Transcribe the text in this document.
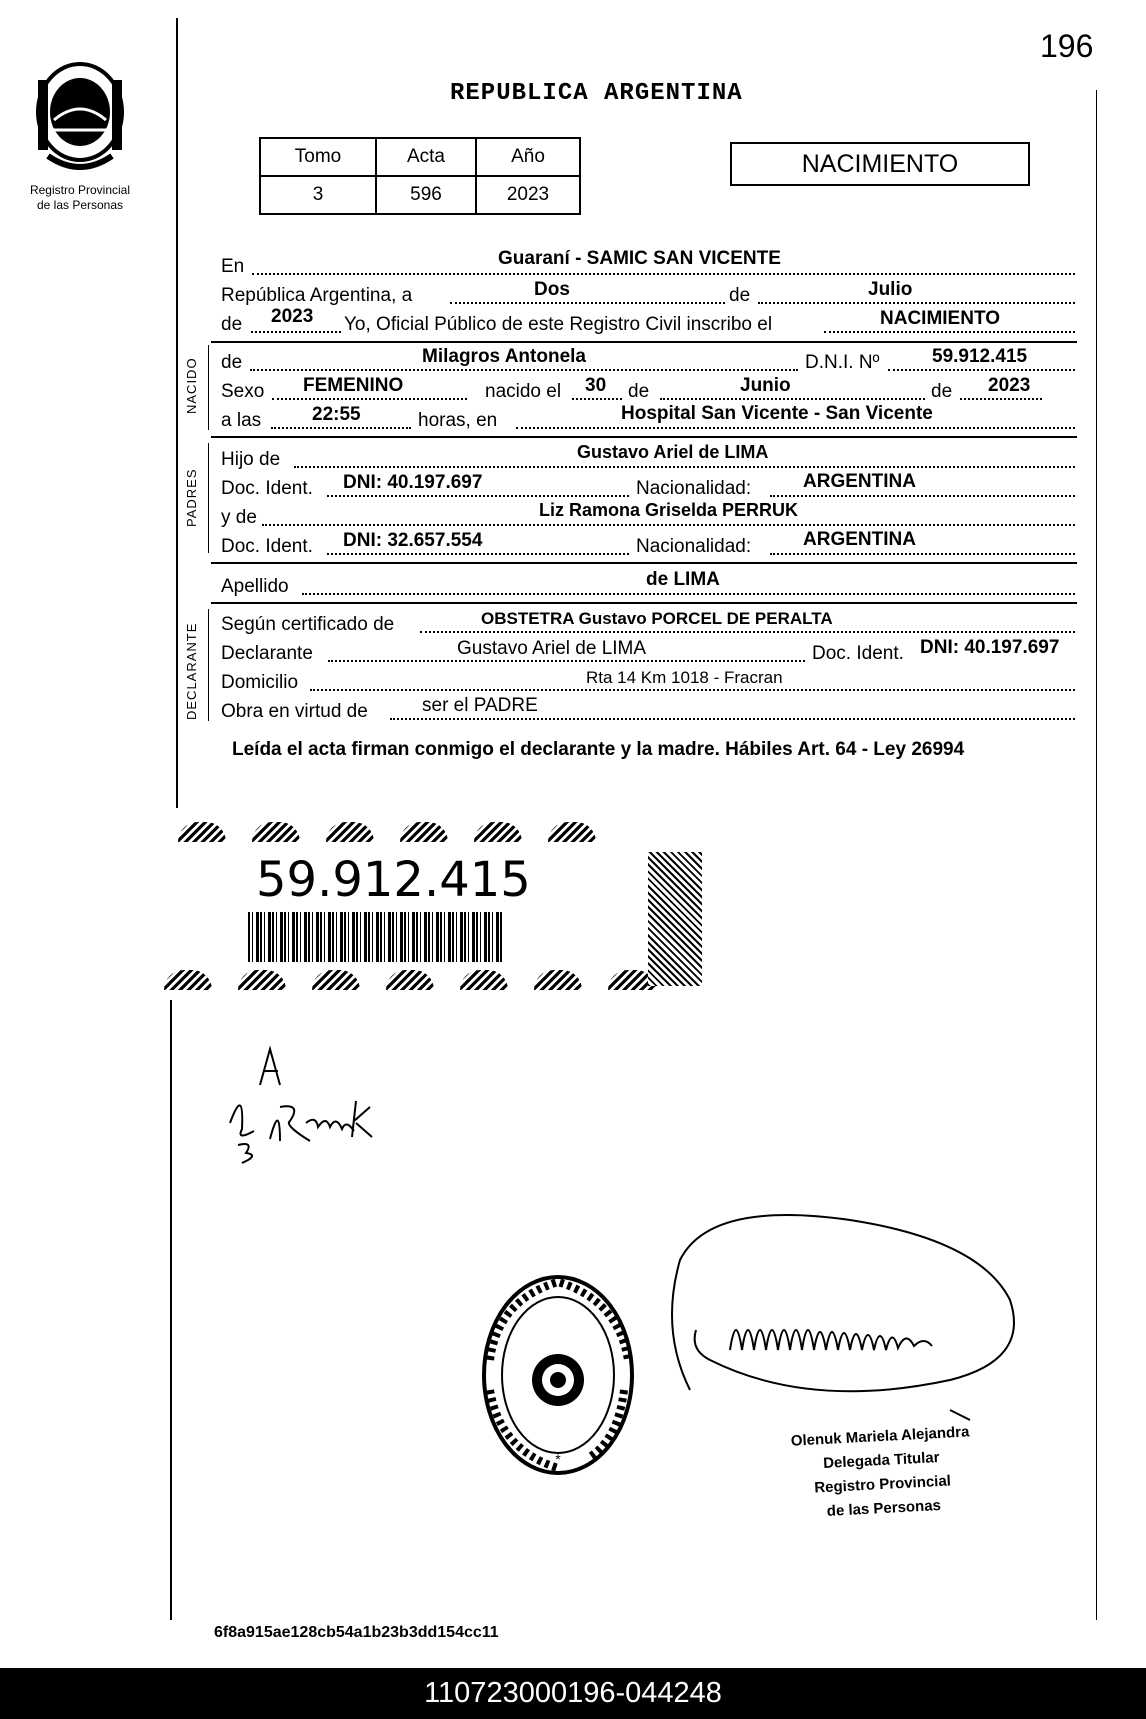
196
Registro Provincial
de las Personas
REPUBLICA ARGENTINA
Tomo	Acta	Año
3	596	2023
NACIMIENTO
En	Guaraní - SAMIC SAN VICENTE
República Argentina, a	Dos	de	Julio
de 2023 Yo, Oficial Público de este Registro Civil inscribo el	NACIMIENTO
NACIDO de	Milagros Antonela	D.N.I. Nº	59.912.415
Sexo FEMENINO	nacido el 30 de	Junio	de 2023
a las	22:55	horas, en	Hospital San Vicente - San Vicente
PADRES
Hijo de	Gustavo Ariel de LIMA
Doc. Ident. DNI: 40.197.697	Nacionalidad:	ARGENTINA
y de	Liz Ramona Griselda PERRUK
Doc. Ident. DNI: 32.657.554	Nacionalidad:	ARGENTINA
Apellido	de LIMA
DECLARANTE Según certificado de	OBSTETRA Gustavo PORCEL DE PERALTA
Declarante	Gustavo Ariel de LIMA	Doc. Ident. DNI: 40.197.697
Domicilio	Rta 14 Km 1018 - Fracran
Obra en virtud de	ser el PADRE
Leída el acta firman conmigo el declarante y la madre. Hábiles Art. 64 - Ley 26994
59.912.415
*
Olenuk Mariela Alejandra
Delegada Titular
Registro Provincial
de las Personas
6f8a915ae128cb54a1b23b3dd154cc11
110723000196-044248
